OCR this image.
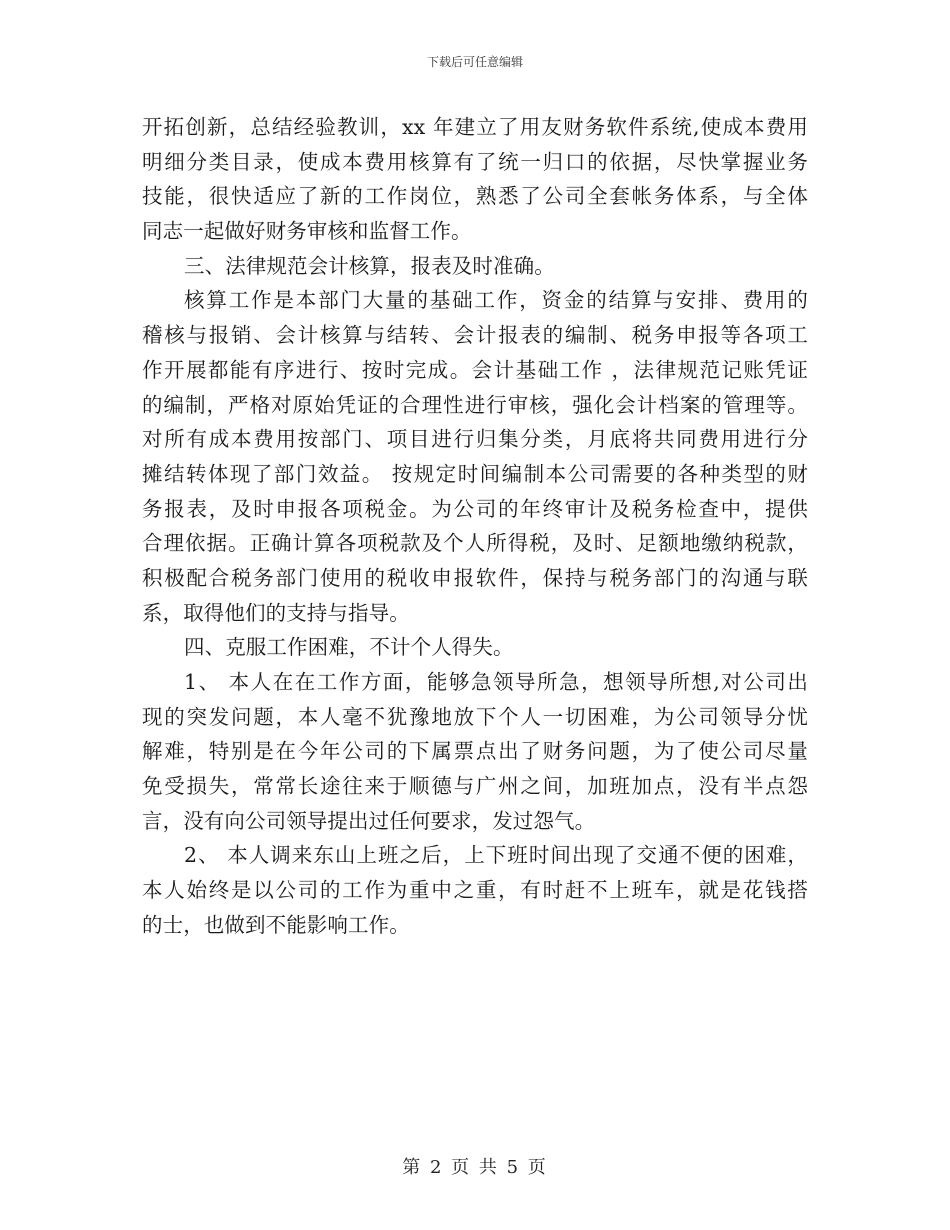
下载后可任意编辑
开拓创新，总结经验教训，xx 年建立了用友财务软件系统,使成本费用
明细分类目录，使成本费用核算有了统一归口的依据，尽快掌握业务
技能，很快适应了新的工作岗位，熟悉了公司全套帐务体系，与全体
同志一起做好财务审核和监督工作。
三、法律规范会计核算，报表及时准确。
核算工作是本部门大量的基础工作，资金的结算与安排、费用的
稽核与报销、会计核算与结转、会计报表的编制、税务申报等各项工
作开展都能有序进行、按时完成。会计基础工作 ，法律规范记账凭证
的编制，严格对原始凭证的合理性进行审核，强化会计档案的管理等。
对所有成本费用按部门、项目进行归集分类，月底将共同费用进行分
摊结转体现了部门效益。 按规定时间编制本公司需要的各种类型的财
务报表，及时申报各项税金。为公司的年终审计及税务检查中，提供
合理依据。正确计算各项税款及个人所得税，及时、足额地缴纳税款，
积极配合税务部门使用的税收申报软件，保持与税务部门的沟通与联
系，取得他们的支持与指导。
四、克服工作困难，不计个人得失。
1、 本人在在工作方面，能够急领导所急，想领导所想,对公司出
现的突发问题，本人毫不犹豫地放下个人一切困难，为公司领导分忧
解难，特别是在今年公司的下属票点出了财务问题，为了使公司尽量
免受损失，常常长途往来于顺德与广州之间，加班加点，没有半点怨
言，没有向公司领导提出过任何要求，发过怨气。
2、 本人调来东山上班之后，上下班时间出现了交通不便的困难，
本人始终是以公司的工作为重中之重，有时赶不上班车，就是花钱搭
的士，也做到不能影响工作。
第 2 页 共 5 页
